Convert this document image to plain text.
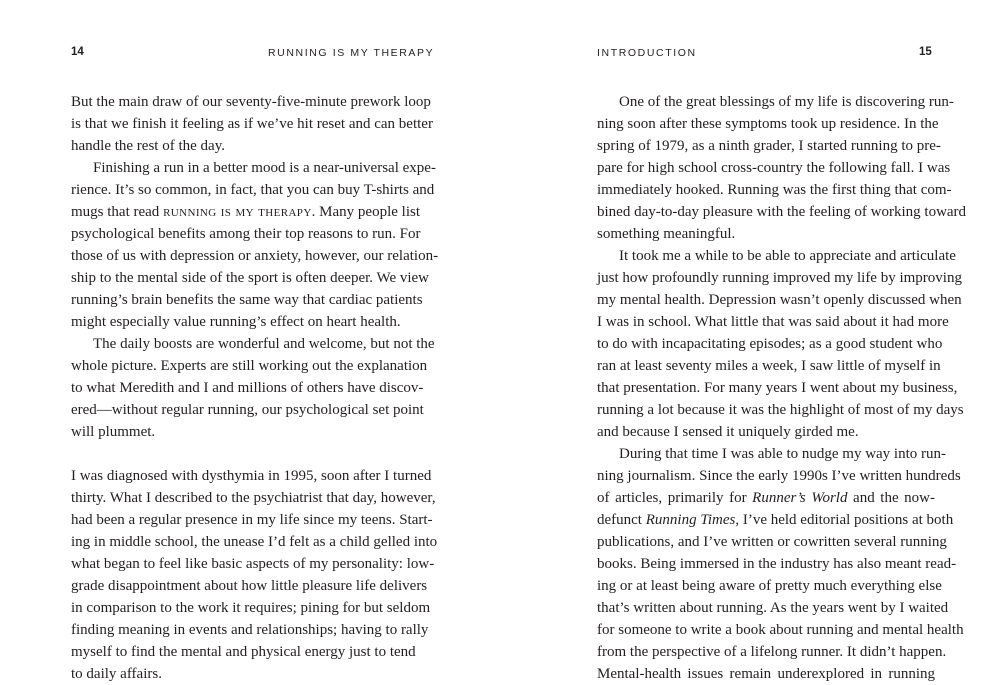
14	RUNNING IS MY THERAPY
But the main draw of our seventy-five-minute prework loop
is that we finish it feeling as if we’ve hit reset and can better
handle the rest of the day.
Finishing a run in a better mood is a near-universal expe-
rience. It’s so common, in fact, that you can buy T-shirts and
mugs that read running is my therapy. Many people list
psychological benefits among their top reasons to run. For
those of us with depression or anxiety, however, our relation-
ship to the mental side of the sport is often deeper. We view
running’s brain benefits the same way that cardiac patients
might especially value running’s effect on heart health.
The daily boosts are wonderful and welcome, but not the
whole picture. Experts are still working out the explanation
to what Meredith and I and millions of others have discov-
ered—without regular running, our psychological set point
will plummet.
I was diagnosed with dysthymia in 1995, soon after I turned
thirty. What I described to the psychiatrist that day, however,
had been a regular presence in my life since my teens. Start-
ing in middle school, the unease I’d felt as a child gelled into
what began to feel like basic aspects of my personality: low-
grade disappointment about how little pleasure life delivers
in comparison to the work it requires; pining for but seldom
finding meaning in events and relationships; having to rally
myself to find the mental and physical energy just to tend
to daily affairs.
INTRODUCTION	15
One of the great blessings of my life is discovering run-
ning soon after these symptoms took up residence. In the
spring of 1979, as a ninth grader, I started running to pre-
pare for high school cross-country the following fall. I was
immediately hooked. Running was the first thing that com-
bined day-to-day pleasure with the feeling of working toward
something meaningful.
It took me a while to be able to appreciate and articulate
just how profoundly running improved my life by improving
my mental health. Depression wasn’t openly discussed when
I was in school. What little that was said about it had more
to do with incapacitating episodes; as a good student who
ran at least seventy miles a week, I saw little of myself in
that presentation. For many years I went about my business,
running a lot because it was the highlight of most of my days
and because I sensed it uniquely girded me.
During that time I was able to nudge my way into run-
ning journalism. Since the early 1990s I’ve written hundreds
of articles, primarily for Runner’s World and the now-
defunct Running Times, I’ve held editorial positions at both
publications, and I’ve written or cowritten several running
books. Being immersed in the industry has also meant read-
ing or at least being aware of pretty much everything else
that’s written about running. As the years went by I waited
for someone to write a book about running and mental health
from the perspective of a lifelong runner. It didn’t happen.
Mental-health issues remain underexplored in running
